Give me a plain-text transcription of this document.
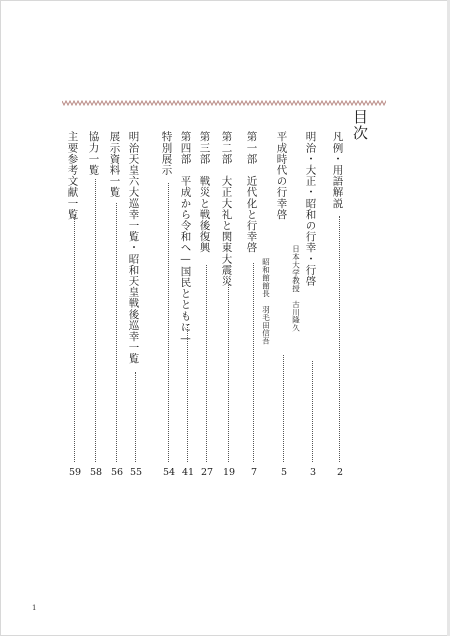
目次
凡例・用語解説
明治・大正・昭和の行幸・行啓
平成時代の行幸啓
第一部　近代化と行幸啓
第二部　大正大礼と関東大震災
第三部　戦災と戦後復興
第四部　平成から令和へ—国民とともに—
特別展示
明治天皇六大巡幸一覧・昭和天皇戦後巡幸一覧
展示資料一覧
協力一覧
主要参考文献一覧
日本大学教授　古川隆久
昭和館館長　羽毛田信吾
2
3
5
7
19
27
41
54
55
56
58
59
1
